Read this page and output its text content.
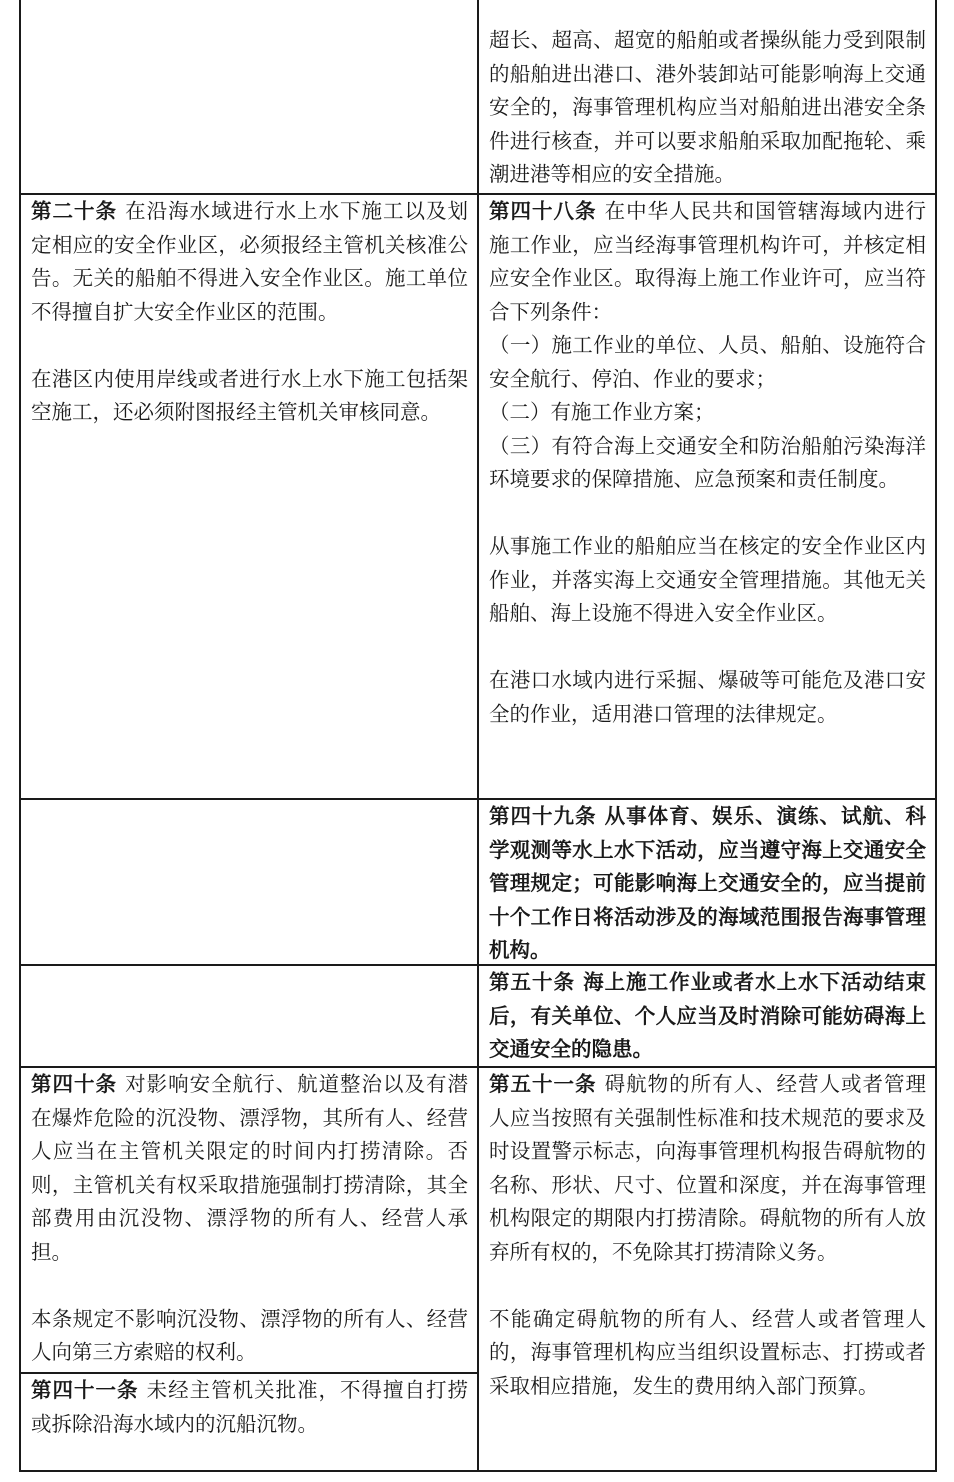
超长、超高、超宽的船舶或者操纵能力受到限制的船舶进出港口、港外装卸站可能影响海上交通安全的，海事管理机构应当对船舶进出港安全条件进行核查，并可以要求船舶采取加配拖轮、乘潮进港等相应的安全措施。

第二十条 在沿海水域进行水上水下施工以及划定相应的安全作业区，必须报经主管机关核准公告。无关的船舶不得进入安全作业区。施工单位不得擅自扩大安全作业区的范围。

在港区内使用岸线或者进行水上水下施工包括架空施工，还必须附图报经主管机关审核同意。

第四十八条 在中华人民共和国管辖海域内进行施工作业，应当经海事管理机构许可，并核定相应安全作业区。取得海上施工作业许可，应当符合下列条件：

（一）施工作业的单位、人员、船舶、设施符合安全航行、停泊、作业的要求；

（二）有施工作业方案；

（三）有符合海上交通安全和防治船舶污染海洋环境要求的保障措施、应急预案和责任制度。

从事施工作业的船舶应当在核定的安全作业区内作业，并落实海上交通安全管理措施。其他无关船舶、海上设施不得进入安全作业区。

在港口水域内进行采掘、爆破等可能危及港口安全的作业，适用港口管理的法律规定。

第四十九条 从事体育、娱乐、演练、试航、科学观测等水上水下活动，应当遵守海上交通安全管理规定；可能影响海上交通安全的，应当提前十个工作日将活动涉及的海域范围报告海事管理机构。

第五十条 海上施工作业或者水上水下活动结束后，有关单位、个人应当及时消除可能妨碍海上交通安全的隐患。

第四十条 对影响安全航行、航道整治以及有潜在爆炸危险的沉没物、漂浮物，其所有人、经营人应当在主管机关限定的时间内打捞清除。否则，主管机关有权采取措施强制打捞清除，其全部费用由沉没物、漂浮物的所有人、经营人承担。

本条规定不影响沉没物、漂浮物的所有人、经营人向第三方索赔的权利。

第四十一条 未经主管机关批准，不得擅自打捞或拆除沿海水域内的沉船沉物。

第五十一条 碍航物的所有人、经营人或者管理人应当按照有关强制性标准和技术规范的要求及时设置警示标志，向海事管理机构报告碍航物的名称、形状、尺寸、位置和深度，并在海事管理机构限定的期限内打捞清除。碍航物的所有人放弃所有权的，不免除其打捞清除义务。

不能确定碍航物的所有人、经营人或者管理人的，海事管理机构应当组织设置标志、打捞或者采取相应措施，发生的费用纳入部门预算。
